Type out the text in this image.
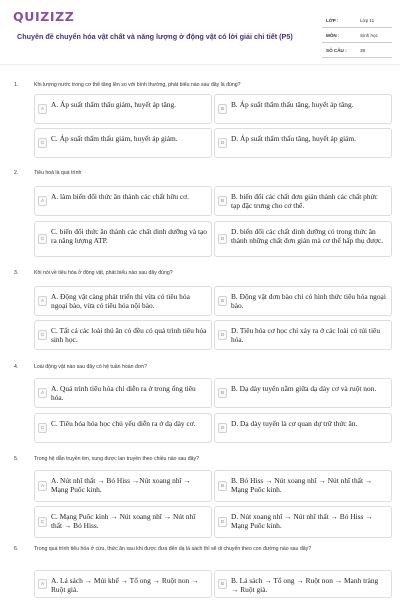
QUIZIZZ
Chuyên đề chuyển hóa vật chất và năng lượng ở động vật có lời giải chi tiết (P5)
LỚP :	Lớp 11
MÔN :	Sinh học
SỐ CÂU :	39
1.	Khi lượng nước trong cơ thể tăng lên so với bình thường, phát biểu nào sau đây là đúng?
A A. Áp suất thẩm thấu giảm, huyết áp tăng.	B B. Áp suất thẩm thấu tăng, huyết áp tăng.
C C. Áp suất thẩm thấu giảm, huyết áp giảm.	D D. Áp suất thẩm thấu tăng, huyết áp giảm.
2.	Tiêu hoá là quá trình
A A. làm biến đổi thức ăn thành các chất hữu cơ.	B B. biến đổi các chất đơn giản thành các chất phức tạp đặc trưng cho cơ thể.
C
C. biến đổi thức ăn thành các chất dinh dưỡng và tạo ra năng lượng ATP.	D
D. biến đổi các chất dinh dưỡng có trong thức ăn thành những chất đơn giản mà cơ thể hấp thụ được.
3.	Khi nói về tiêu hóa ở động vật, phát biểu nào sau đây đúng?
A A. Động vật càng phát triển thì vừa có tiêu hóa ngoại bào, vừa có tiêu hóa nội bào.
B B. Động vật đơn bào chỉ có hình thức tiêu hóa ngoại bào.
C C. Tất cả các loài thú ăn cỏ đều có quá trình tiêu hóa sinh học.
D D. Tiêu hóa cơ học chỉ xảy ra ở các loài có túi tiêu hóa.
4.	Loài động vật nào sau đây có hệ tuần hoàn đơn?
A A. Quá trình tiêu hóa chỉ diễn ra ở trong ống tiêu hóa.
B B. Dạ dày tuyến nằm giữa dạ dày cơ và ruột non.
C C. Tiêu hóa hóa học chủ yếu diễn ra ở dạ dày cơ.	D D. Dạ dày tuyến là cơ quan dự trữ thức ăn.
5.	Trong hệ dẫn truyền tim, xung được lan truyền theo chiều nào sau đây?
A
A. Nút nhĩ thất → Bó Hiss →Nút xoang nhĩ → Mạng Puôc kinh.	B
B. Bó Hiss → Nút xoang nhĩ → Nút nhĩ thất → Mạng Puôc kinh.
C
C. Mạng Puôc kinh → Nút xoang nhĩ → Nút nhĩ thất → Bó Hiss.	D
D. Nút xoang nhĩ → Nút nhĩ thất → Bó Hiss → Mạng Puôc kinh.
6.	Trong quá trình tiêu hóa ở cừu, thức ăn sau khi được đưa đến dạ lá sách thì sẽ di chuyển theo con đường nào sau đây?
A A. Lá sách → Múi khế → Tổ ong → Ruột non → Ruột già.
B B. Lá sách → Tổ ong → Ruột non → Manh tràng → Ruột già.
